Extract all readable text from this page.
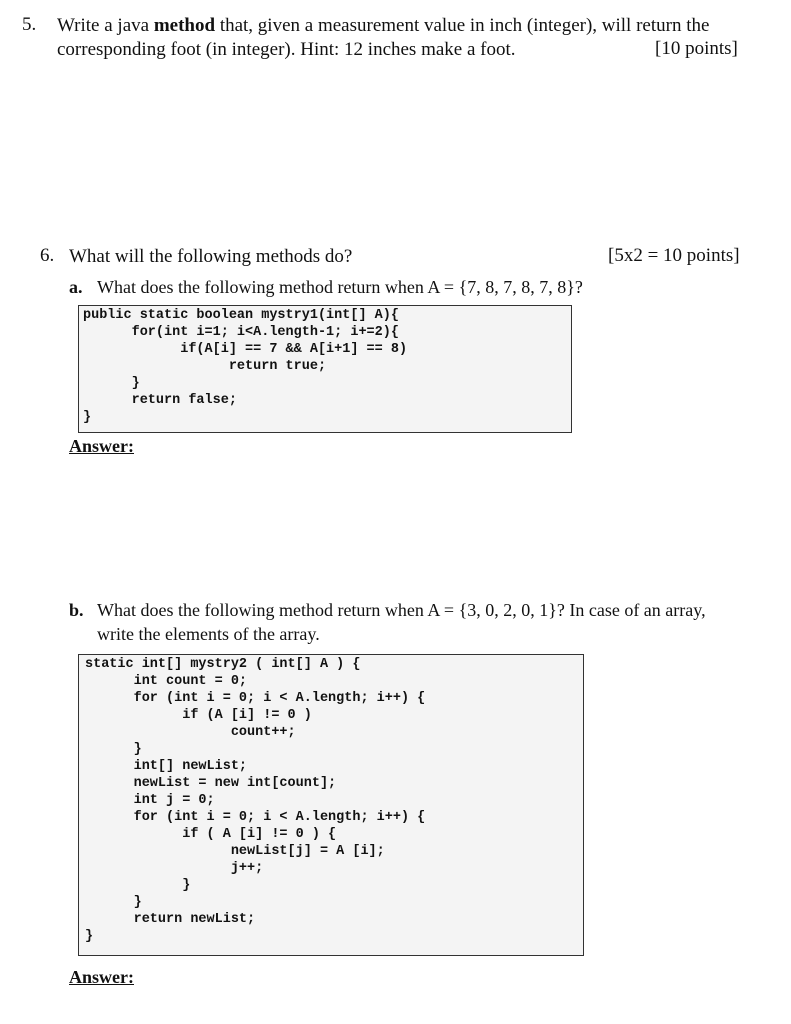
5. Write a java method that, given a measurement value in inch (integer), will return the
corresponding foot (in integer). Hint: 12 inches make a foot.	[10 points]
6. What will the following methods do?	[5x2 = 10 points]
a. What does the following method return when A = {7, 8, 7, 8, 7, 8}?
public static boolean mystry1(int[] A){
for(int i=1; i<A.length-1; i+=2){
if(A[i] == 7 && A[i+1] == 8)
return true;
}
return false;
}
Answer:
b. What does the following method return when A = {3, 0, 2, 0, 1}? In case of an array,
write the elements of the array.
static int[] mystry2 ( int[] A ) {
int count = 0;
for (int i = 0; i < A.length; i++) {
if (A [i] != 0 )
count++;
}
int[] newList;
newList = new int[count];
int j = 0;
for (int i = 0; i < A.length; i++) {
if ( A [i] != 0 ) {
newList[j] = A [i];
j++;
}
}
return newList;
}
Answer:
